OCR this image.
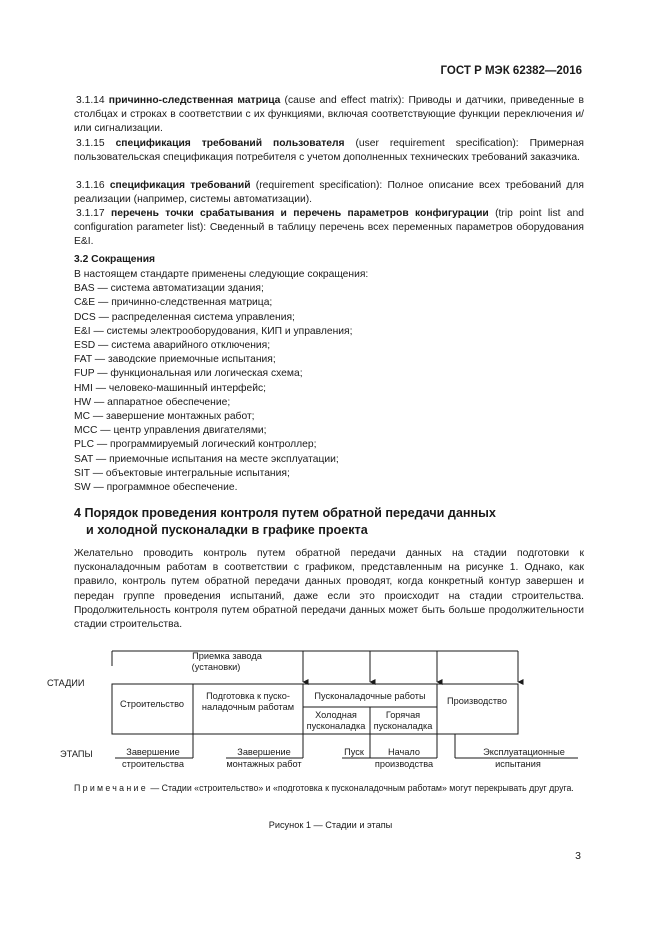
ГОСТ Р МЭК 62382—2016

3.1.14 причинно-следственная матрица (cause and effect matrix): Приводы и датчики, приведенные в столбцах и строках в соответствии с их функциями, включая соответствующие функции переключения и/или сигнализации.

3.1.15 спецификация требований пользователя (user requirement specification): Примерная пользовательская спецификация потребителя с учетом дополненных технических требований заказчика.

3.1.16 спецификация требований (requirement specification): Полное описание всех требований для реализации (например, системы автоматизации).

3.1.17 перечень точки срабатывания и перечень параметров конфигурации (trip point list and configuration parameter list): Сведенный в таблицу перечень всех переменных параметров оборудования E&I.

3.2 Сокращения

В настоящем стандарте применены следующие сокращения:
BAS — система автоматизации здания;
C&E — причинно-следственная матрица;
DCS — распределенная система управления;
E&I — системы электрооборудования, КИП и управления;
ESD — система аварийного отключения;
FAT — заводские приемочные испытания;
FUP — функциональная или логическая схема;
HMI — человеко-машинный интерфейс;
HW — аппаратное обеспечение;
MC — завершение монтажных работ;
MCC — центр управления двигателями;
PLC — программируемый логический контроллер;
SAT — приемочные испытания на месте эксплуатации;
SIT — объектовые интегральные испытания;
SW — программное обеспечение.
4 Порядок проведения контроля путем обратной передачи данных
и холодной пусконаладки в графике проекта

Желательно проводить контроль путем обратной передачи данных на стадии подготовки к пусконаладочным работам в соответствии с графиком, представленным на рисунке 1. Однако, как правило, контроль путем обратной передачи данных проводят, когда конкретный контур завершен и передан группе проведения испытаний, даже если это происходит на стадии строительства. Продолжительность контроля путем обратной передачи данных может быть больше продолжительности стадии строительства.

Приемка завода
(установки)
СТАДИИ
Строительство
Подготовка к пуско-
наладочным работам
Пусконаладочные работы
Холодная
пусконаладка
Горячая
пусконаладка
Производство
ЭТАПЫ	Завершение
строительства
Завершение
монтажных работ
Пуск	Начало
производства
Эксплуатационные
испытания

Примечание — Стадии «строительство» и «подготовка к пусконаладочным работам» могут перекрывать друг друга.

Рисунок 1 — Стадии и этапы
3
